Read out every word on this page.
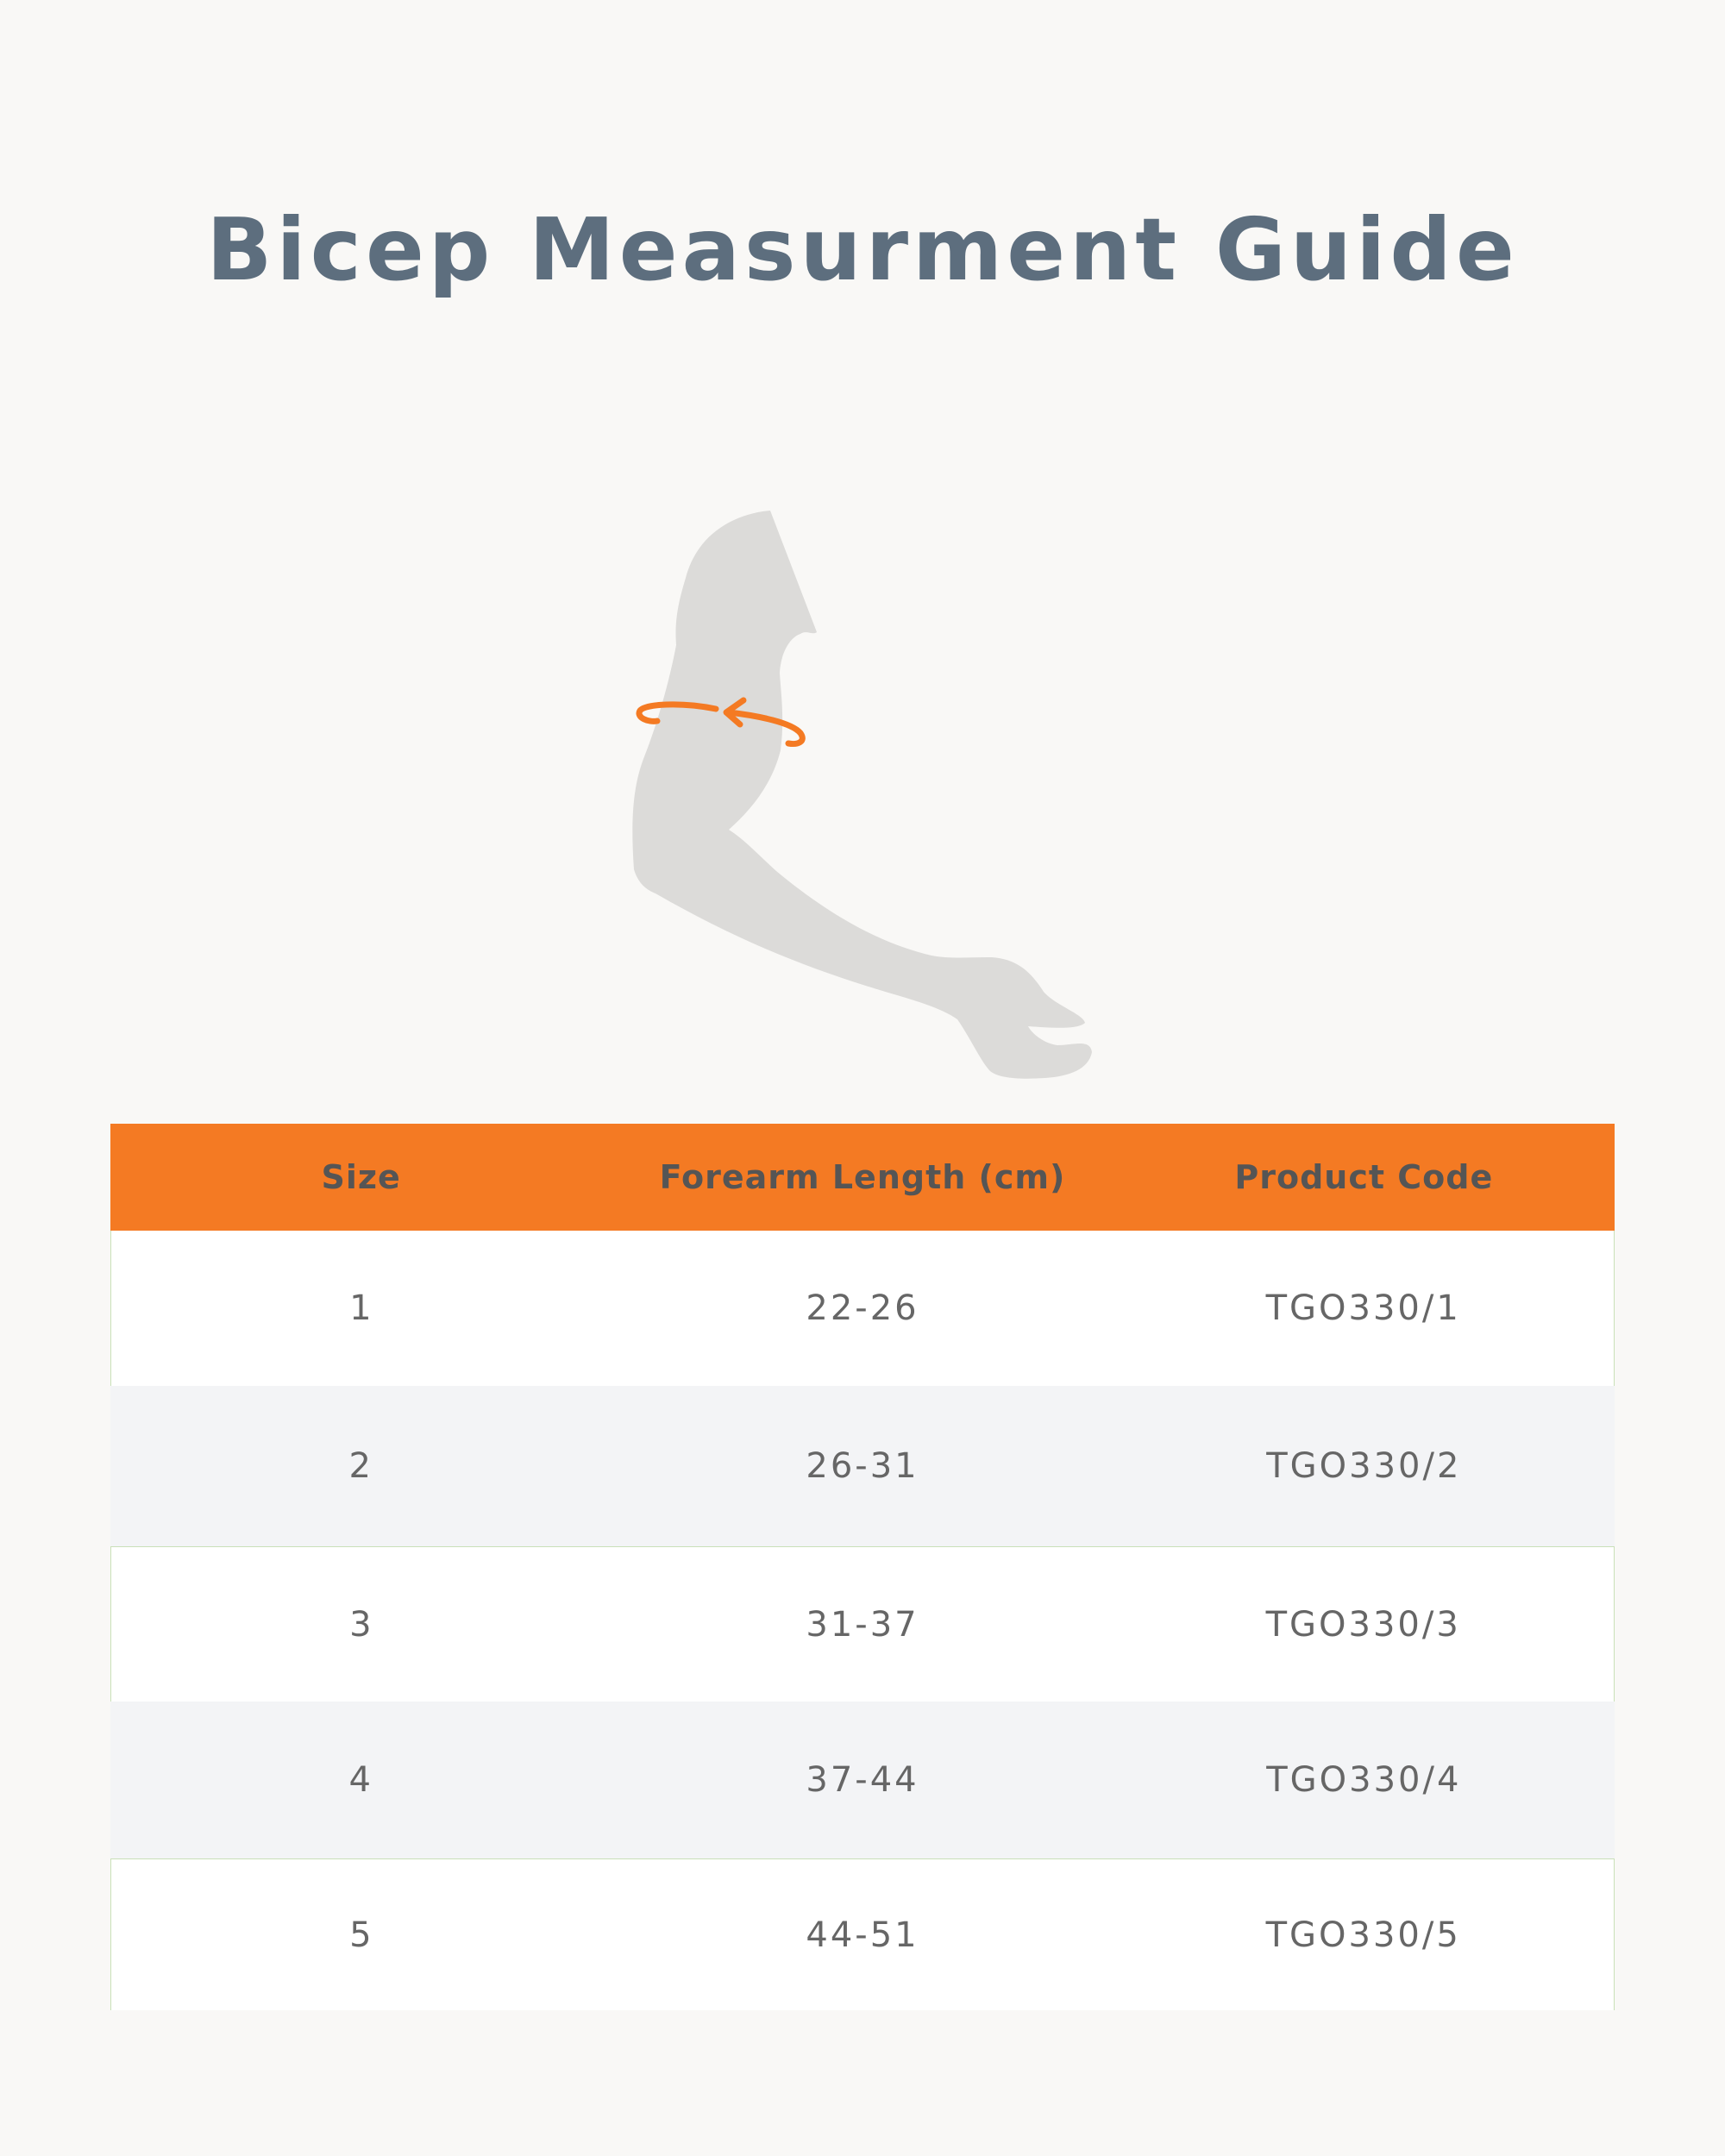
Bicep Measurment Guide
Size	Forearm Length (cm)	Product Code
1	22-26	TGO330/1
2	26-31	TGO330/2
3	31-37	TGO330/3
4	37-44	TGO330/4
5	44-51	TGO330/5
